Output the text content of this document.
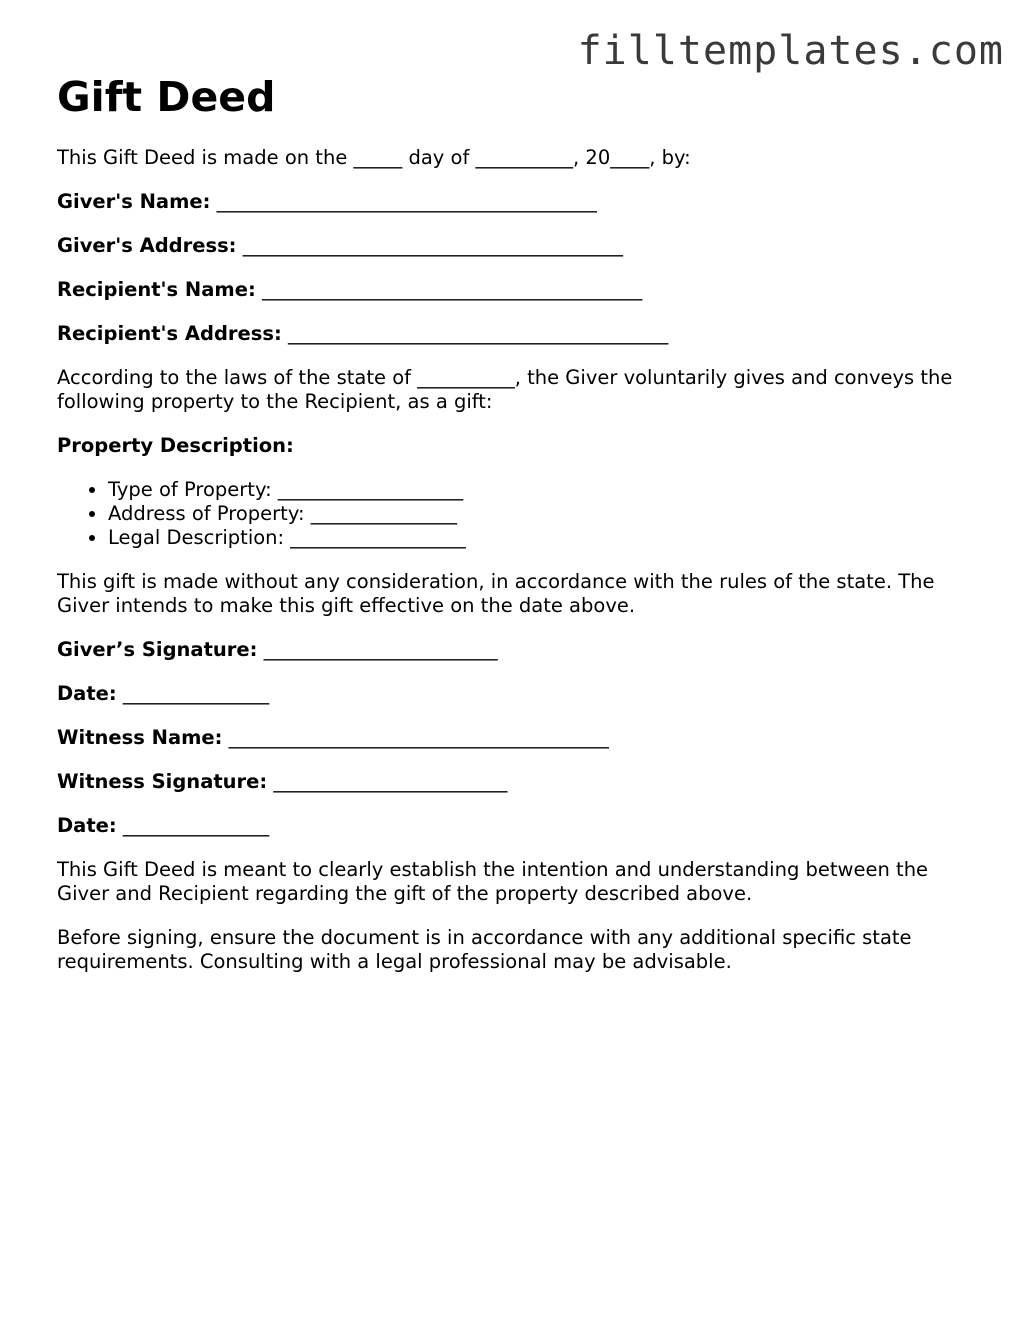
filltemplates.com
Gift Deed

This Gift Deed is made on the _____ day of __________, 20____, by:

Giver's Name: _______________________________________

Giver's Address: _______________________________________

Recipient's Name: _______________________________________

Recipient's Address: _______________________________________

According to the laws of the state of __________, the Giver voluntarily gives and conveys the following property to the Recipient, as a gift:

Property Description:

• Type of Property: ___________________
• Address of Property: _______________
• Legal Description: __________________

This gift is made without any consideration, in accordance with the rules of the state. The Giver intends to make this gift effective on the date above.

Giver’s Signature: ________________________

Date: _______________

Witness Name: _______________________________________

Witness Signature: ________________________

Date: _______________

This Gift Deed is meant to clearly establish the intention and understanding between the Giver and Recipient regarding the gift of the property described above.

Before signing, ensure the document is in accordance with any additional specific state requirements. Consulting with a legal professional may be advisable.
